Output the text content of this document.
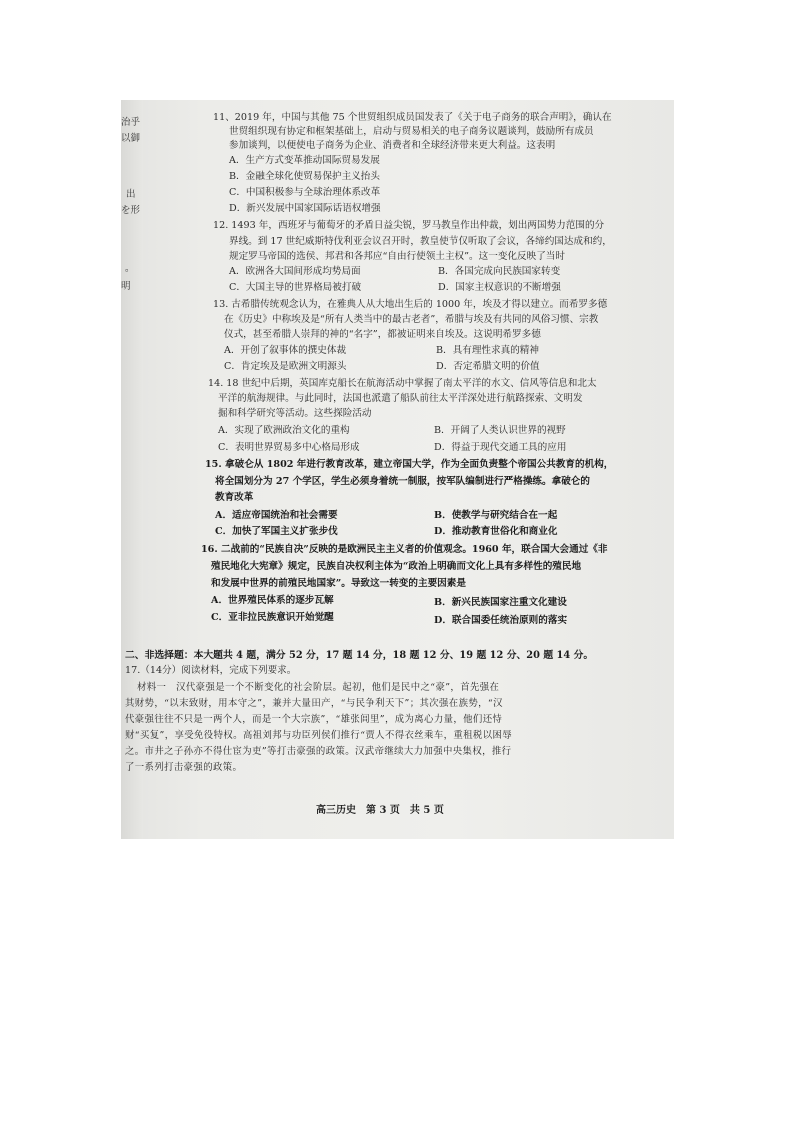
治乎
以御
出
を形
。
明
11、2019 年，中国与其他 75 个世贸组织成员国发表了《关于电子商务的联合声明》，确认在
世贸组织现有协定和框架基础上，启动与贸易相关的电子商务议题谈判，鼓励所有成员
参加谈判，以便使电子商务为企业、消费者和全球经济带来更大利益。这表明
A．生产方式变革推动国际贸易发展
B．金融全球化使贸易保护主义抬头
C．中国积极参与全球治理体系改革
D．新兴发展中国家国际话语权增强
12. 1493 年，西班牙与葡萄牙的矛盾日益尖锐，罗马教皇作出仲裁，划出两国势力范围的分
界线。到 17 世纪威斯特伐利亚会议召开时，教皇使节仅听取了会议，各缔约国达成和约，
规定罗马帝国的选侯、邦君和各邦应“自由行使领土主权”。这一变化反映了当时
A．欧洲各大国间形成均势局面	B．各国完成向民族国家转变
C．大国主导的世界格局被打破	D．国家主权意识的不断增强
13. 古希腊传统观念认为，在雅典人从大地出生后的 1000 年，埃及才得以建立。而希罗多德
在《历史》中称埃及是“所有人类当中的最古老者”，希腊与埃及有共同的风俗习惯、宗教
仪式，甚至希腊人崇拜的神的“名字”，都被证明来自埃及。这说明希罗多德
A．开创了叙事体的撰史体裁	B．具有理性求真的精神
C．肯定埃及是欧洲文明源头	D．否定希腊文明的价值
14. 18 世纪中后期，英国库克船长在航海活动中掌握了南太平洋的水文、信风等信息和北太
平洋的航海规律。与此同时，法国也派遣了船队前往太平洋深处进行航路探索、文明发
掘和科学研究等活动。这些探险活动
A．实现了欧洲政治文化的重构	B．开阔了人类认识世界的视野
C．表明世界贸易多中心格局形成	D．得益于现代交通工具的应用
15. 拿破仑从 1802 年进行教育改革，建立帝国大学，作为全面负责整个帝国公共教育的机构，
将全国划分为 27 个学区，学生必须身着统一制服，按军队编制进行严格操练。拿破仑的
教育改革
A．适应帝国统治和社会需要	B．使教学与研究结合在一起
C．加快了军国主义扩张步伐	D．推动教育世俗化和商业化
16. 二战前的“民族自决”反映的是欧洲民主主义者的价值观念。1960 年，联合国大会通过《非
殖民地化大宪章》规定，民族自决权利主体为“政治上明确而文化上具有多样性的殖民地
和发展中世界的前殖民地国家”。导致这一转变的主要因素是
A．世界殖民体系的逐步瓦解	B．新兴民族国家注重文化建设
C．亚非拉民族意识开始觉醒	D．联合国委任统治原则的落实
二、非选择题：本大题共 4 题，满分 52 分，17 题 14 分，18 题 12 分、19 题 12 分、20 题 14 分。
17.（14分）阅读材料，完成下列要求。
材料一　汉代豪强是一个不断变化的社会阶层。起初，他们是民中之“豪”，首先强在
其财势，“以末致财，用本守之”，兼并大量田产，“与民争利天下”；其次强在族势，“汉
代豪强往往不只是一两个人，而是一个大宗族”，“雄张闾里”，成为离心力量，他们还恃
财“买复”，享受免役特权。高祖刘邦与功臣列侯们推行“贾人不得衣丝乘车，重租税以困辱
之。市井之子孙亦不得仕宦为吏”等打击豪强的政策。汉武帝继续大力加强中央集权，推行
了一系列打击豪强的政策。
高三历史　第 3 页　共 5 页
